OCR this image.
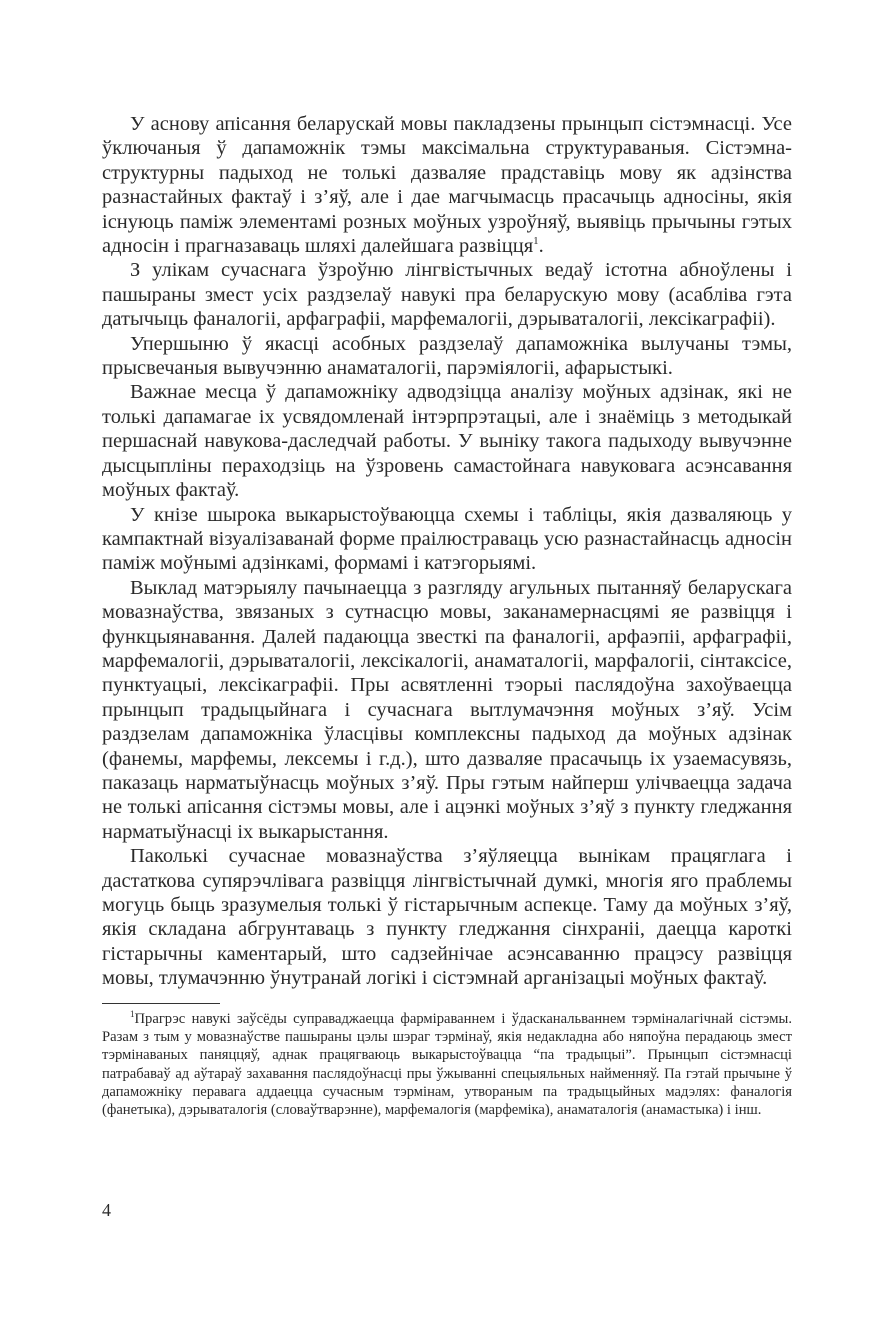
У аснову апісання беларускай мовы пакладзены прынцып сістэмнасці. Усе ўключаныя ў дапаможнік тэмы максімальна структураваныя. Сістэмна-структурны падыход не толькі дазваляе прадставіць мову як адзінства разнастайных фактаў і з’яў, але і дае магчымасць прасачыць адносіны, якія існуюць паміж элементамі розных моўных узроўняў, выявіць прычыны гэтых адносін і прагназаваць шляхі далейшага развіцця$^1$.

З улікам сучаснага ўзроўню лінгвістычных ведаў істотна абноўлены і пашыраны змест усіх раздзелаў навукі пра беларускую мову (асабліва гэта датычыць фаналогіі, арфаграфіі, марфемалогіі, дэрываталогіі, лексікаграфіі).

Упершыню ў якасці асобных раздзелаў дапаможніка вылучаны тэмы, прысвечаныя вывучэнню анаматалогіі, парэміялогіі, афарыстыкі.

Важнае месца ў дапаможніку адводзіцца аналізу моўных адзінак, які не толькі дапамагае іх усвядомленай інтэрпрэтацыі, але і знаёміць з методыкай першаснай навукова-даследчай работы. У выніку такога падыходу вывучэнне дысцыпліны пераходзіць на ўзровень самастойнага навуковага асэнсавання моўных фактаў.

У кнізе шырока выкарыстоўваюцца схемы і табліцы, якія дазваляюць у кампактнай візуалізаванай форме праілюстраваць усю разнастайнасць адносін паміж моўнымі адзінкамі, формамі і катэгорыямі.

Выклад матэрыялу пачынаецца з разгляду агульных пытанняў беларускага мовазнаўства, звязаных з сутнасцю мовы, заканамернасцямі яе развіцця і функцыянавання. Далей падаюцца звесткі па фаналогіі, арфаэпіі, арфаграфіі, марфемалогіі, дэрываталогіі, лексікалогіі, анаматалогіі, марфалогіі, сінтаксісе, пунктуацыі, лексікаграфіі. Пры асвятленні тэорыі паслядоўна захоўваецца прынцып традыцыйнага і сучаснага вытлумачэння моўных з’яў. Усім раздзелам дапаможніка ўласцівы комплексны падыход да моўных адзінак (фанемы, марфемы, лексемы і г.д.), што дазваляе прасачыць іх узаемасувязь, паказаць нарматыўнасць моўных з’яў. Пры гэтым найперш улічваецца задача не толькі апісання сістэмы мовы, але і ацэнкі моўных з’яў з пункту гледжання нарматыўнасці іх выкарыстання.

Паколькі сучаснае мовазнаўства з’яўляецца вынікам працяглага і дастаткова супярэчлівага развіцця лінгвістычнай думкі, многія яго праблемы могуць быць зразумелыя толькі ў гістарычным аспекце. Таму да моўных з’яў, якія складана абгрунтаваць з пункту гледжання сінхраніі, даецца кароткі гістарычны каментарый, што садзейнічае асэнсаванню працэсу развіцця мовы, тлумачэнню ўнутранай логікі і сістэмнай арганізацыі моўных фактаў.

$^1$Прагрэс навукі заўсёды суправаджаецца фарміраваннем і ўдасканальваннем тэрміналагічнай сістэмы. Разам з тым у мовазнаўстве пашыраны цэлы шэраг тэрмінаў, якія недакладна або няпоўна перадаюць змест тэрмінаваных паняццяў, аднак працягваюць выкарыстоўвацца “па традыцыі”. Прынцып сістэмнасці патрабаваў ад аўтараў захавання паслядоўнасці пры ўжыванні спецыяльных найменняў. Па гэтай прычыне ў дапаможніку перавага аддаецца сучасным тэрмінам, утвораным па традыцыйных мадэлях: фаналогія (фанетыка), дэрываталогія (словаўтварэнне), марфемалогія (марфеміка), анаматалогія (анамастыка) і інш.

4
